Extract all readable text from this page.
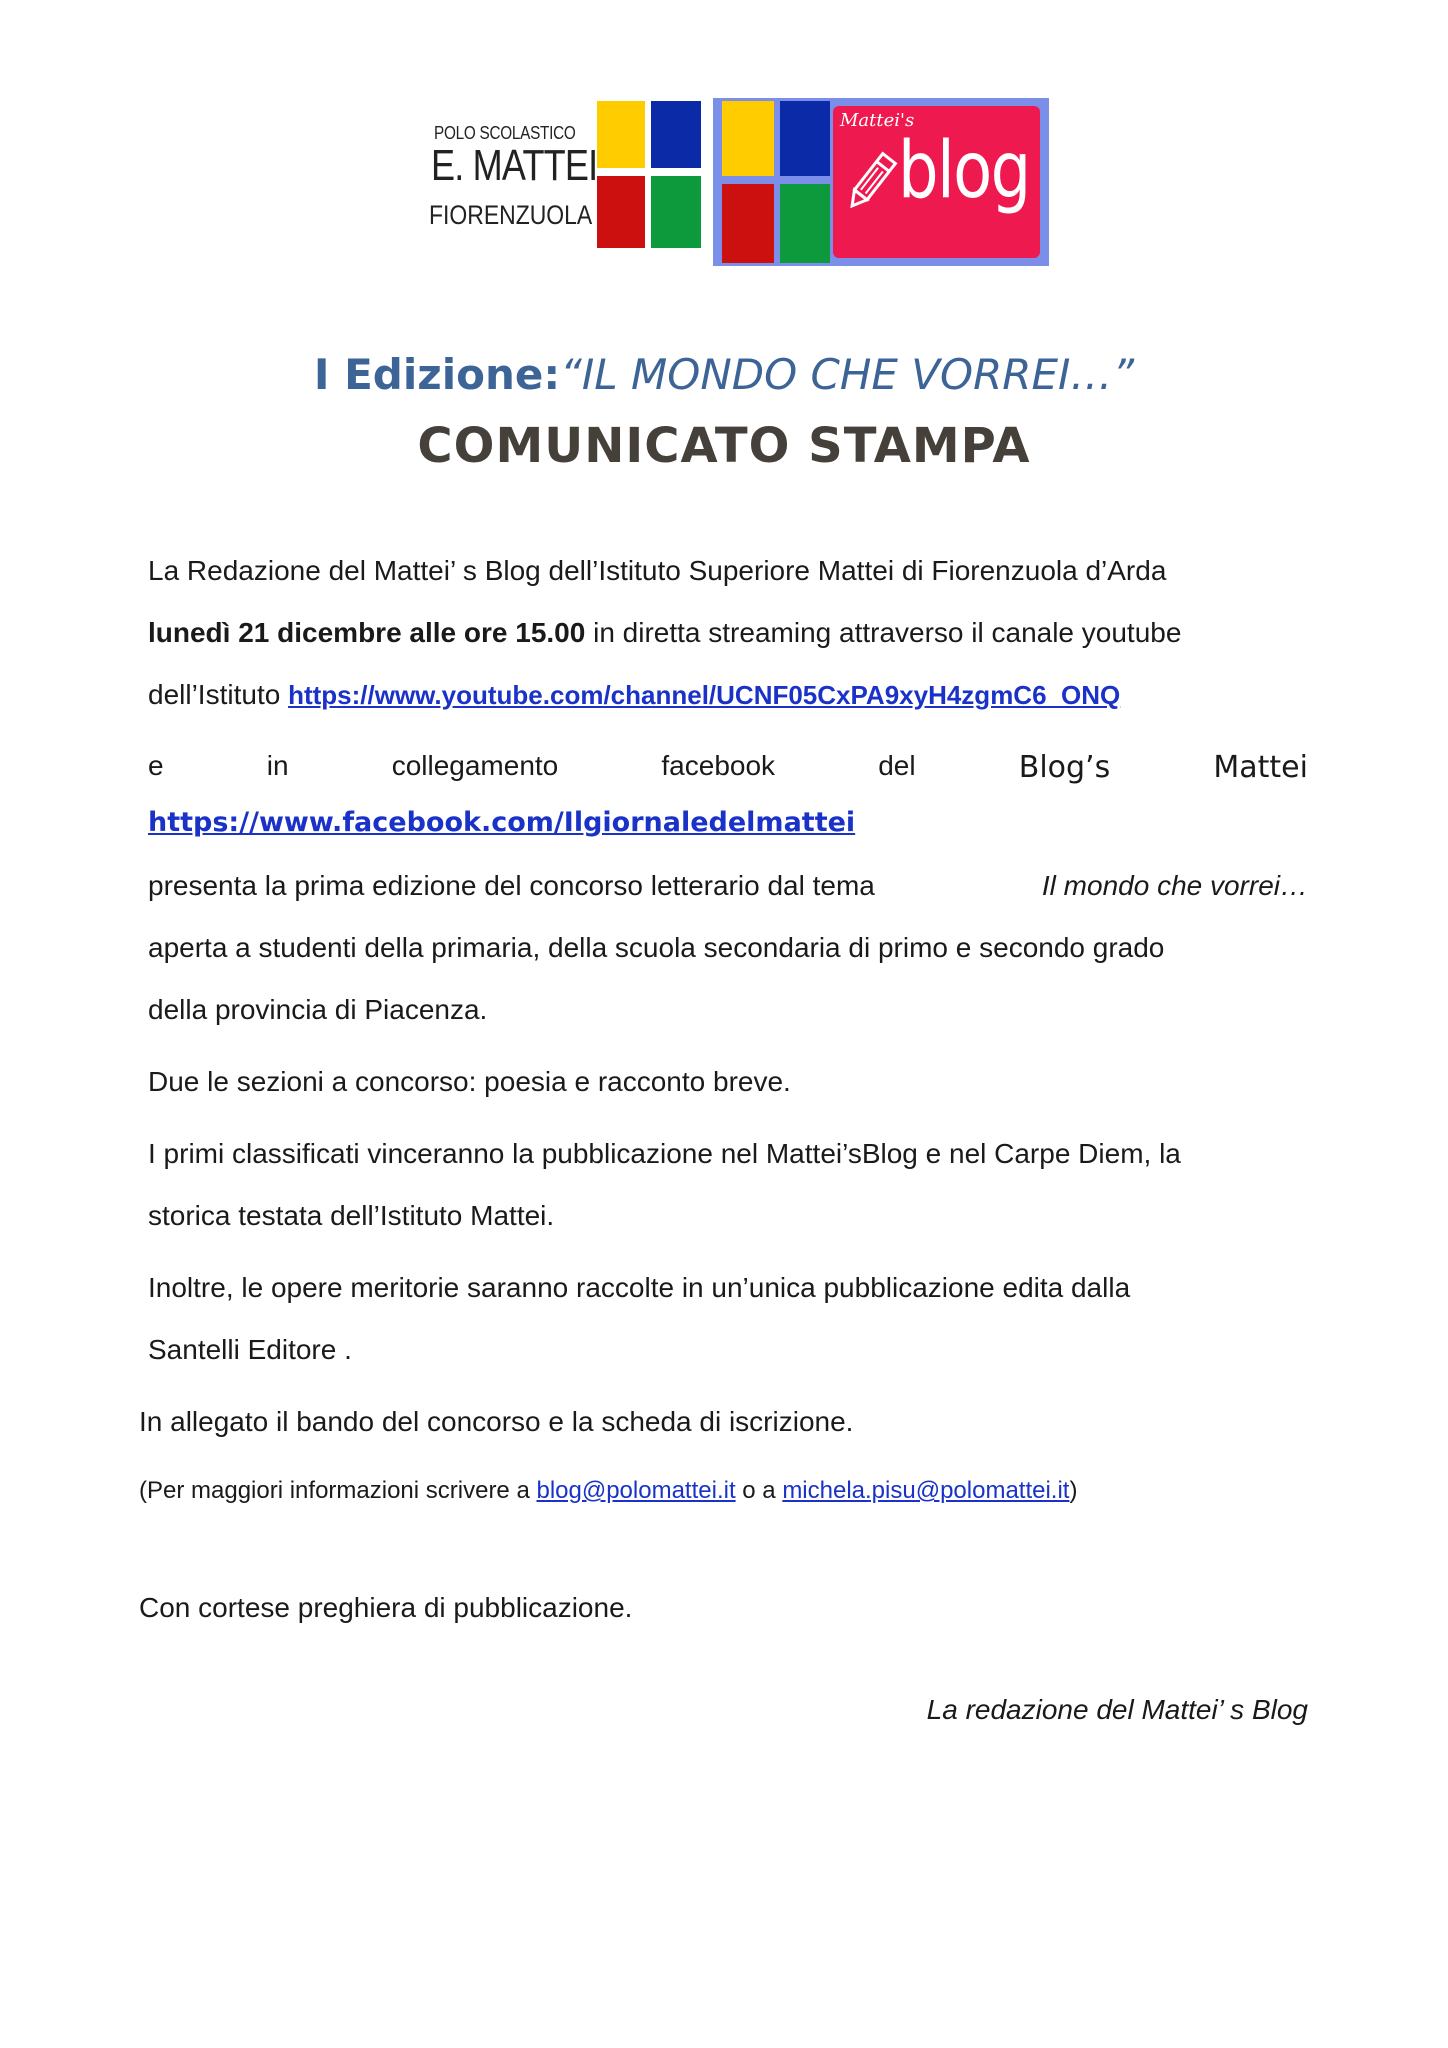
POLO SCOLASTICO
E. MATTEI
FIORENZUOLA
Mattei's
blog
I Edizione:“IL MONDO CHE VORREI…”
COMUNICATO STAMPA
La Redazione del Mattei’ s Blog dell’Istituto Superiore Mattei di Fiorenzuola d’Arda
lunedì 21 dicembre alle ore 15.00 in diretta streaming attraverso il canale youtube
dell’Istituto https://www.youtube.com/channel/UCNF05CxPA9xyH4zgmC6_ONQ
e	in	collegamento	facebook	del	Blog’s	Mattei
https://www.facebook.com/Ilgiornaledelmattei
presenta la prima edizione del concorso letterario dal tema	Il mondo che vorrei…
aperta a studenti della primaria, della scuola secondaria di primo e secondo grado
della provincia di Piacenza.
Due le sezioni a concorso: poesia e racconto breve.
I primi classificati vinceranno la pubblicazione nel Mattei’sBlog e nel Carpe Diem, la
storica testata dell’Istituto Mattei.
Inoltre, le opere meritorie saranno raccolte in un’unica pubblicazione edita dalla
Santelli Editore .
In allegato il bando del concorso e la scheda di iscrizione.
(Per maggiori informazioni scrivere a blog@polomattei.it o a michela.pisu@polomattei.it)
Con cortese preghiera di pubblicazione.
La redazione del Mattei’ s Blog
